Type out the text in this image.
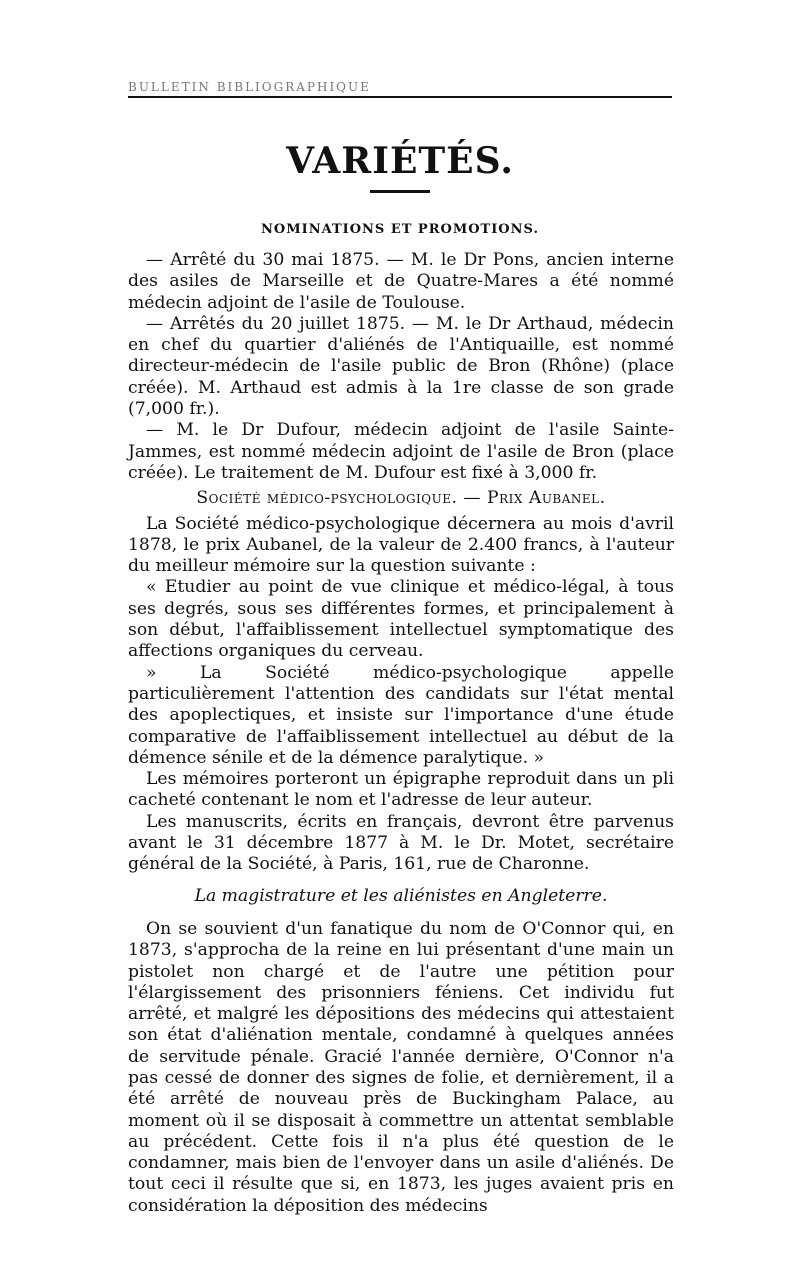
BULLETIN BIBLIOGRAPHIQUE
VARIÉTÉS.
NOMINATIONS ET PROMOTIONS.

— Arrêté du 30 mai 1875. — M. le Dr Pons, ancien interne des asiles de Marseille et de Quatre-Mares a été nommé médecin adjoint de l'asile de Toulouse.

— Arrêtés du 20 juillet 1875. — M. le Dr Arthaud, médecin en chef du quartier d'aliénés de l'Antiquaille, est nommé directeur-médecin de l'asile public de Bron (Rhône) (place créée). M. Arthaud est admis à la 1re classe de son grade (7,000 fr.).

— M. le Dr Dufour, médecin adjoint de l'asile Sainte-Jammes, est nommé médecin adjoint de l'asile de Bron (place créée). Le traitement de M. Dufour est fixé à 3,000 fr.

Société médico-psychologique. — Prix Aubanel.

La Société médico-psychologique décernera au mois d'avril 1878, le prix Aubanel, de la valeur de 2.400 francs, à l'auteur du meilleur mémoire sur la question suivante :

« Etudier au point de vue clinique et médico-légal, à tous ses degrés, sous ses différentes formes, et principalement à son début, l'affaiblissement intellectuel symptomatique des affections organiques du cerveau.

» La Société médico-psychologique appelle particulièrement l'attention des candidats sur l'état mental des apoplectiques, et insiste sur l'importance d'une étude comparative de l'affaiblissement intellectuel au début de la démence sénile et de la démence paralytique. »

Les mémoires porteront un épigraphe reproduit dans un pli cacheté contenant le nom et l'adresse de leur auteur.

Les manuscrits, écrits en français, devront être parvenus avant le 31 décembre 1877 à M. le Dr. Motet, secrétaire général de la Société, à Paris, 161, rue de Charonne.

La magistrature et les aliénistes en Angleterre.

On se souvient d'un fanatique du nom de O'Connor qui, en 1873, s'approcha de la reine en lui présentant d'une main un pistolet non chargé et de l'autre une pétition pour l'élargissement des prisonniers féniens. Cet individu fut arrêté, et malgré les dépositions des médecins qui attestaient son état d'aliénation mentale, condamné à quelques années de servitude pénale. Gracié l'année dernière, O'Connor n'a pas cessé de donner des signes de folie, et dernièrement, il a été arrêté de nouveau près de Buckingham Palace, au moment où il se disposait à commettre un attentat semblable au précédent. Cette fois il n'a plus été question de le condamner, mais bien de l'envoyer dans un asile d'aliénés. De tout ceci il résulte que si, en 1873, les juges avaient pris en considération la déposition des médecins
